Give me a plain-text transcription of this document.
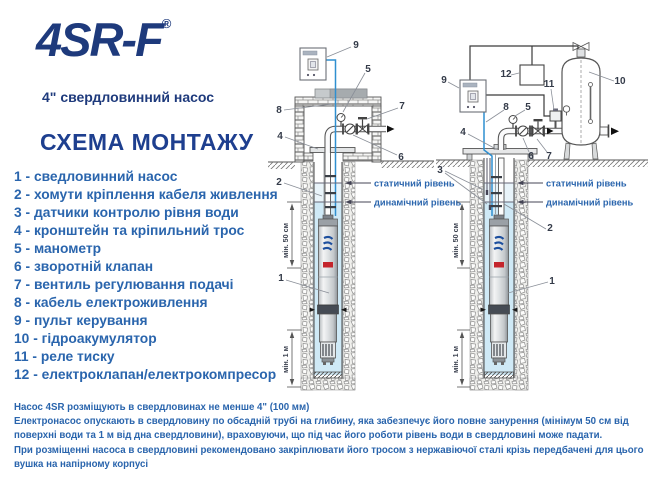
4SR-F®
4" свердловинний насос
СХЕМА МОНТАЖУ
1 - сведловинний насос
2 - хомути кріплення кабеля живлення
3 - датчики контролю рівня води
4 - кронштейн та кріпильний трос
5 - манометр
6 - зворотній клапан
7 - вентиль регулювання подачі
8 - кабель електроживлення
9 - пульт керування
10 - гідроакумулятор
11 - реле тиску
12 - електроклапан/електрокомпресор
статичний рівень
динамічний рівень
мін. 50 см
мін. 1 м
9
5
8	7
4
6
2
1
статичний рівень
динамічний рівень
мін. 50 см
мін. 1 м
9
12
11	10
8 5
4
6 7
3
2
1

Насос 4SR розміщують в свердловинах не менше 4" (100 мм)

Електронасос опускають в свердловину по обсадній трубі на глибину, яка забезпечує його повне занурення (мінімум 50 см від поверхні води та 1 м від дна свердловини), враховуючи, що під час його роботи рівень води в свердловині може падати.

При розміщенні насоса в свердловині рекомендовано закріплювати його тросом з нержавіючої сталі крізь передбачені для цього вушка на напірному корпусі
